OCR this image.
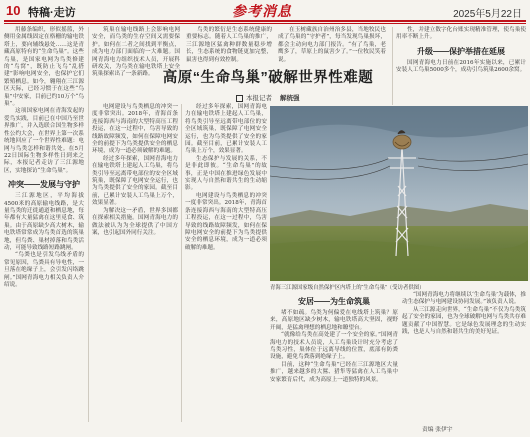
10 特稿·走访	参考消息	2025年5月22日

用藤条编织，形似摇篮，外侧用金属线固定在格栅的输电铁塔上，要向辅线悬处……这是青藏高原特有的“生命鸟巢”。这些鸟巢，是国家电网为鸟类修建的“鸟窝”，既防止飞鸟“乱搭建”影响电网安全，也保护它们繁殖栖息。如今，翱翔在三江源区天际，已经习惯于在这些“鸟巢”中安家，目前已约10万个“鸟巢”。

这项国家电网在青海发起的爱鸟实践，目前已在中国乃至世界推广，并入选联合国生物多样性公约大会，在世界上第一次系统地回应了一个世界性难题：电网与鸟类怎样和谐共处。在5月22日国际生物多样性日到来之际，本报记者走访了三江源地区，实地探访“生命鸟巢”。

冲突——发展与守护

三江源地区，平均海拔4500米的高原输电线路，是大量鸟类的迁徙通道和栖息地，每年都有大量猛禽在这里觅食、筑巢。由于高原缺少高大树木，输电铁塔常常成为鸟类首选的筑巢地，但鸟粪、巢材掉落和鸟类活动，可能导致线路短路跳闸。

“鸟粪也是引发鸟线矛盾的常见原因，鸟粪具有导电性，一旦落在绝缘子上，会引发闪络跳闸。”国网青海电力相关负责人介绍说。

筑巢在输电线路上会影响电网安全，而鸟类的生存空间又需要保护。如何在二者之间找到平衡点，成为电力部门面临的一大难题。国网青海电力组织技术人员，开展科研攻关，为鸟类在输电铁塔上安全筑巢探索出了一条新路。

鸟类的繁衍是生态系统健康的重要标志。随着人工鸟巢的推广，三江源地区猛禽种群数量稳步增长，生态系统的食物链更加完整，鼠害也得到有效控制。

在玉树藏族自治州治多县，当地牧民也成了鸟巢的“守护者”，每当发现鸟巢损坏，都会主动向电力部门报告。“有了鸟巢，老鹰多了，草原上的鼠害少了。”一位牧民笑着说。

高原“生命鸟巢”破解世界性难题
本报记者 解统强

电网建设与鸟类栖息的冲突一度非常突出。2018年，青海首条连接海西与海南的大型特高压工程投运，在这一过程中，鸟害导致的线路故障频发，如何在保障电网安全的前提下为鸟类提供安全的栖息环境，成为一道必须破解的难题。

经过多年探索，国网青海电力在输电铁塔上建起人工鸟巢，将鸟类引导至远离带电部位的安全区域筑巢，既保障了电网安全运行，也为鸟类提供了安全的家园。截至目前，已累计安装人工鸟巢上万个，效果显著。

为解决这一矛盾，世界多国都在探索相关措施。国网青海电力的做法被认为为全球提供了中国方案，也引起国外同行关注。

经过多年探索，国网青海电力在输电铁塔上建起人工鸟巢，将鸟类引导至远离带电部位的安全区域筑巢，既保障了电网安全运行，也为鸟类提供了安全的家园。截至目前，已累计安装人工鸟巢上万个，效果显著。

生态保护与发展的关系，不是非此即彼。“生命鸟巢”的故事，正是中国在推进绿色发展中实现人与自然和谐共生的生动缩影。

电网建设与鸟类栖息的冲突一度非常突出。2018年，青海首条连接海西与海南的大型特高压工程投运，在这一过程中，鸟害导致的线路故障频发，如何在保障电网安全的前提下为鸟类提供安全的栖息环境，成为一道必须破解的难题。

青海三江源国家级自然保护区内塔上的“生命鸟巢”（受访者供图）
安居——为生命筑巢

堵不如疏。鸟类为何偏爱在电线塔上筑巢？原来，高原地区缺少树木，输电铁塔高大坚固，视野开阔，是猛禽理想的栖息地和瞭望台。

“就像给鸟类在高处建了一个安全的家。”国网青海电力的技术人员说，人工鸟巢设计时充分考虑了鸟类习性，巢体位于远离导线的位置，底部有防粪设施，避免鸟粪落到绝缘子上。

目前，这种“生命鸟巢”已经在三江源地区大量推广，越来越多的大鵟、猎隼等猛禽在人工鸟巢中安家繁育后代，成为高原上一道独特的风景。

“国网青海电力将继续以‘生命鸟巢’为载体，推动生态保护与电网建设协同发展。”该负责人说。

从三江源走向世界，“生命鸟巢”不仅为鸟类筑起了安全的家园，也为全球破解电网与鸟类共存难题贡献了中国智慧。它是绿色发展理念的生动实践，也是人与自然和谐共生的美好见证。

性，并建立数字化台账实现精准管理，使鸟巢使用率不断上升。

升级——保护举措在延展

国网青海电力日前在2016年实施以来，已累计安装人工鸟巢5000多个，成功引鸟筑巢2600余窝。

责编 张伊宇
